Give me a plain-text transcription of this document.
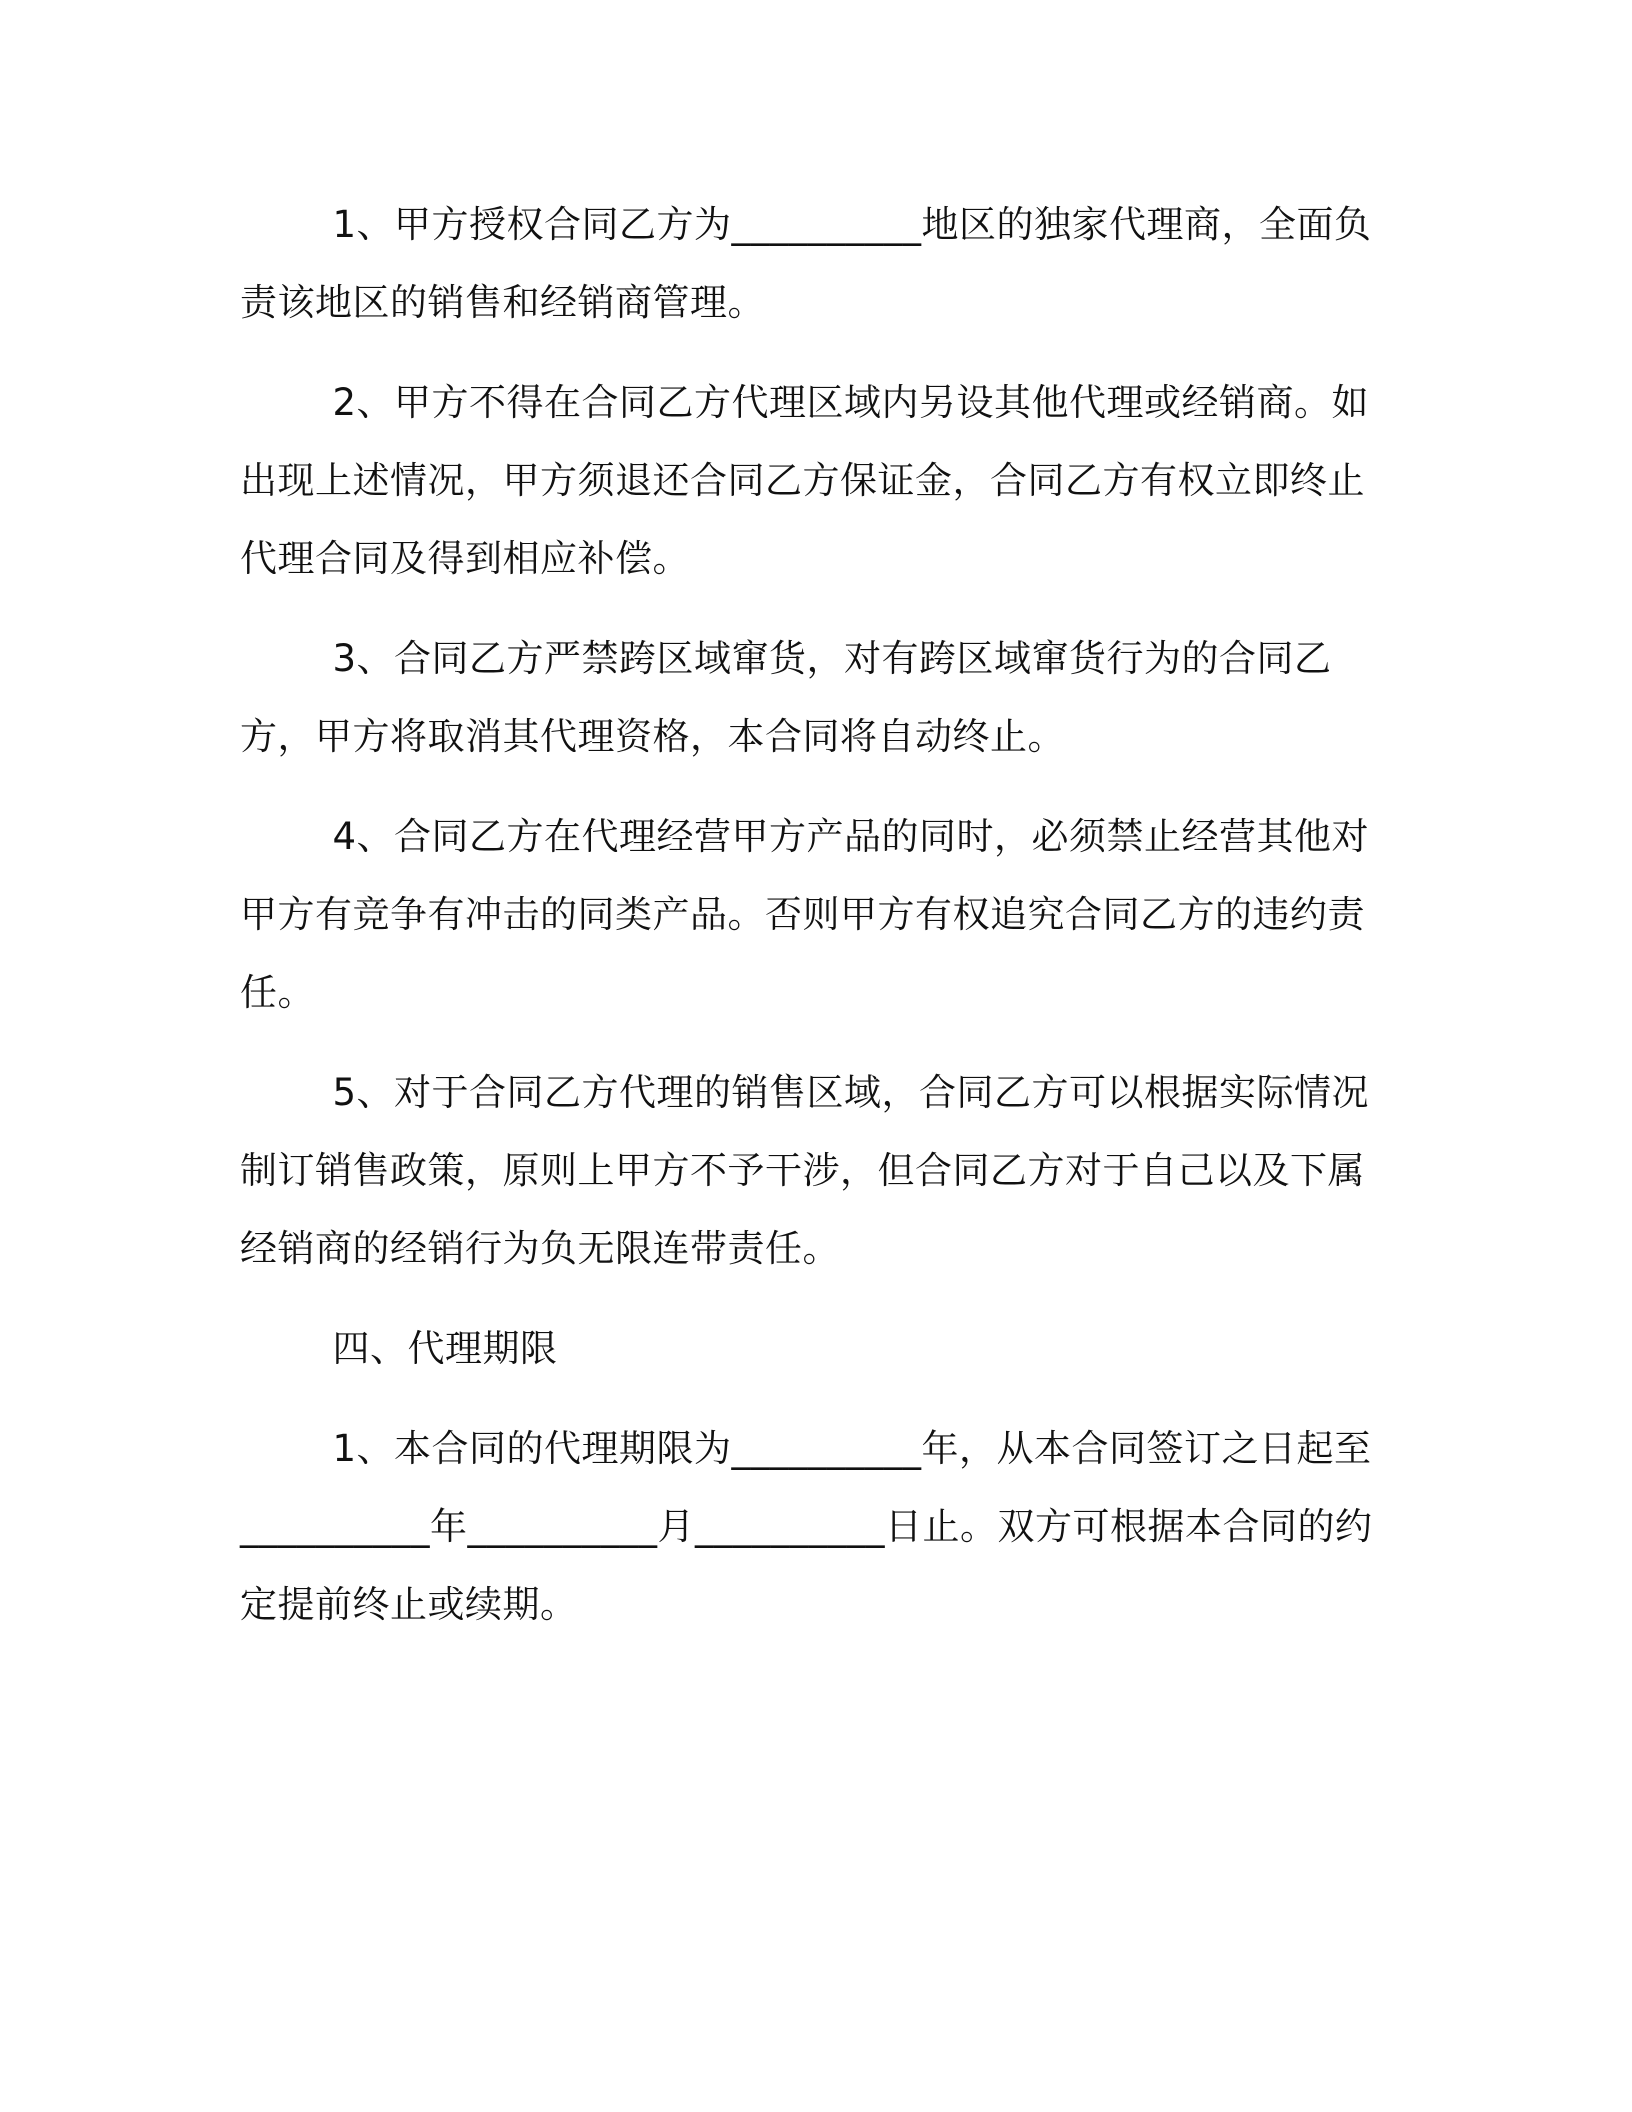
1、甲方授权合同乙方为__________地区的独家代理商，全面负责该地区的销售和经销商管理。

2、甲方不得在合同乙方代理区域内另设其他代理或经销商。如出现上述情况，甲方须退还合同乙方保证金，合同乙方有权立即终止代理合同及得到相应补偿。

3、合同乙方严禁跨区域窜货，对有跨区域窜货行为的合同乙方，甲方将取消其代理资格，本合同将自动终止。

4、合同乙方在代理经营甲方产品的同时，必须禁止经营其他对甲方有竞争有冲击的同类产品。否则甲方有权追究合同乙方的违约责任。

5、对于合同乙方代理的销售区域，合同乙方可以根据实际情况制订销售政策，原则上甲方不予干涉，但合同乙方对于自己以及下属经销商的经销行为负无限连带责任。

四、代理期限

1、本合同的代理期限为__________年，从本合同签订之日起至__________年__________月__________日止。双方可根据本合同的约定提前终止或续期。
